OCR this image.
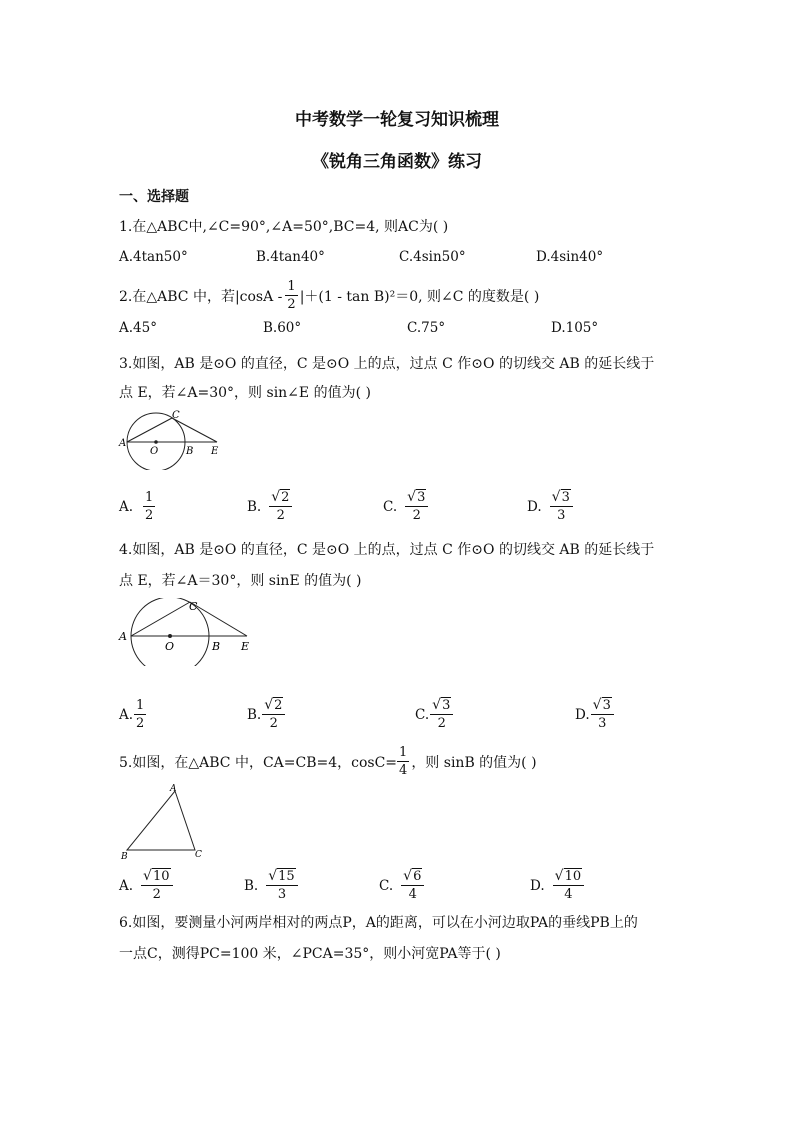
中考数学一轮复习知识梳理
《锐角三角函数》练习
一、选择题
1.在△ABC中,∠C=90°,∠A=50°,BC=4, 则AC为( )
A.4tan50°	B.4tan40°	C.4sin50°	D.4sin40°
2.在△ABC 中，若$|\cos A - \frac{1}{2} |+(1 - \tan B)^2=0$, 则∠C 的度数是( )
A.45°	B.60°	C.75°	D.105°
3.如图，AB 是⊙O 的直径，C 是⊙O 上的点，过点 C 作⊙O 的切线交 AB 的延长线于
点 E，若∠A=30°，则 sin∠E 的值为( )
A
O	B E
C
A. $\frac{1}{2}$	B. $\frac{√2}{2}$	C. $\frac{√3}{2}$	D. $\frac{√3}{3}$
4.如图，AB 是⊙O 的直径，C 是⊙O 上的点，过点 C 作⊙O 的切线交 AB 的延长线于
点 E，若∠A＝30°，则 sinE 的值为( )
A
O	B E
C
A. $\frac{1}{2}$	B. $\frac{√2}{2}$	C. $\frac{√3}{2}$	D. $\frac{√3}{3}$
5.如图，在△ABC 中，CA=CB=4，$\cos C= \frac{1}{4}$ ，则 sinB 的值为( )
A
B	C
A. $\frac{√10}{2}$	B. $\frac{√15}{3}$	C. $\frac{√6}{4}$	D. $\frac{√10}{4}$
6.如图，要测量小河两岸相对的两点P，A的距离，可以在小河边取PA的垂线PB上的
一点C，测得PC=100 米，∠PCA=35°，则小河宽PA等于( )
